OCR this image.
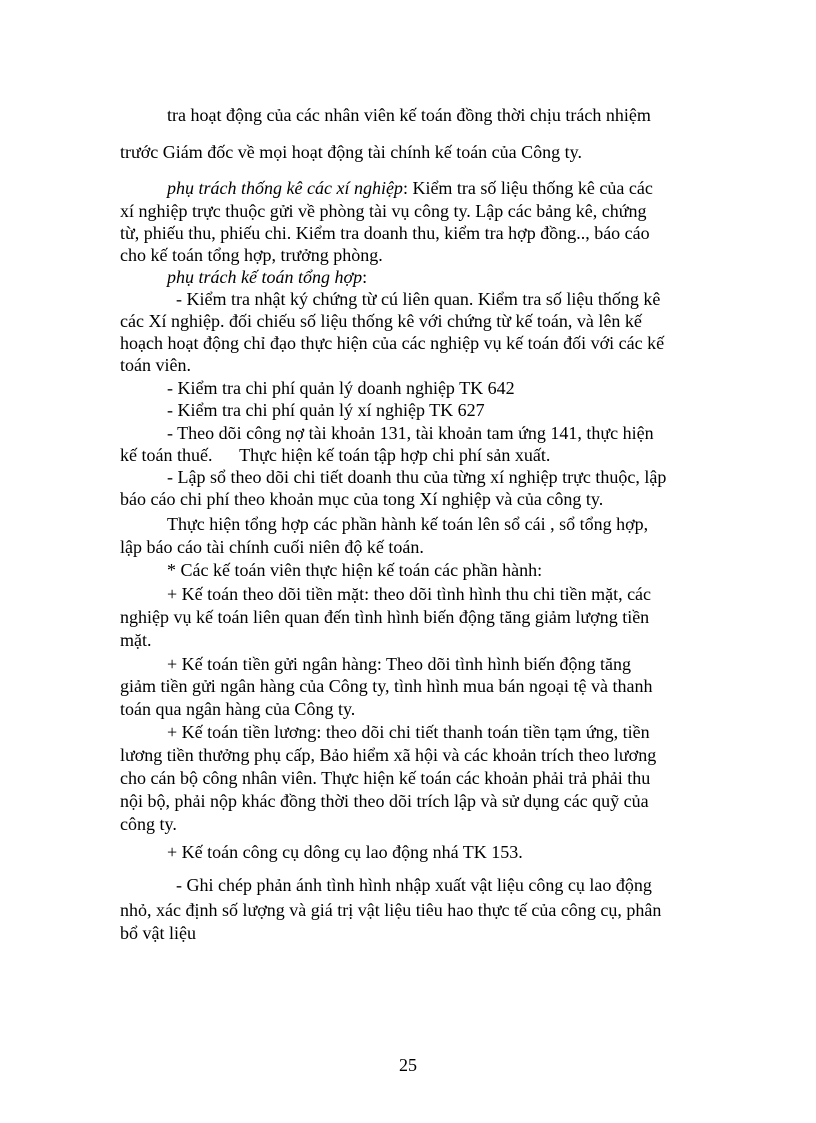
tra hoạt động của các nhân viên kế toán đồng thời chịu trách nhiệm
trước Giám đốc về mọi hoạt động tài chính kế toán của Công ty.
phụ trách thống kê các xí nghiệp: Kiểm tra số liệu thống kê của các
xí nghiệp trực thuộc gửi về phòng tài vụ công ty. Lập các bảng kê, chứng
từ, phiếu thu, phiếu chi. Kiểm tra doanh thu, kiểm tra hợp đồng.., báo cáo
cho kế toán tổng hợp, trưởng phòng.
phụ trách kế toán tổng hợp:
- Kiểm tra nhật ký chứng từ cú liên quan. Kiểm tra số liệu thống kê
các Xí nghiệp. đối chiếu số liệu thống kê với chứng từ kế toán, và lên kế
hoạch hoạt động chỉ đạo thực hiện của các nghiệp vụ kế toán đối với các kế
toán viên.
- Kiểm tra chi phí quản lý doanh nghiệp TK 642
- Kiểm tra chi phí quản lý xí nghiệp TK 627
- Theo dõi công nợ tài khoản 131, tài khoản tam ứng 141, thực hiện
kế toán thuế.      Thực hiện kế toán tập hợp chi phí sản xuất.
- Lập sổ theo dõi chi tiết doanh thu của từng xí nghiệp trực thuộc, lập
báo cáo chi phí theo khoản mục của tong Xí nghiệp và của công ty.
Thực hiện tổng hợp các phần hành kế toán lên sổ cái , sổ tổng hợp,
lập báo cáo tài chính cuối niên độ kế toán.
* Các kế toán viên thực hiện kế toán các phần hành:
+ Kế toán theo dõi tiền mặt: theo dõi tình hình thu chi tiền mặt, các
nghiệp vụ kế toán liên quan đến tình hình biến động tăng giảm lượng tiền
mặt.
+ Kế toán tiền gửi ngân hàng: Theo dõi tình hình biến động tăng
giảm tiền gửi ngân hàng của Công ty, tình hình mua bán ngoại tệ và thanh
toán qua ngân hàng của Công ty.
+ Kế toán tiền lương: theo dõi chi tiết thanh toán tiền tạm ứng, tiền
lương tiền thưởng phụ cấp, Bảo hiểm xã hội và các khoản trích theo lương
cho cán bộ công nhân viên. Thực hiện kế toán các khoản phải trả phải thu
nội bộ, phải nộp khác đồng thời theo dõi trích lập và sử dụng các quỹ của
công ty.
+ Kế toán công cụ dông cụ lao động nhá TK 153.
- Ghi chép phản ánh tình hình nhập xuất vật liệu công cụ lao động
nhỏ, xác định số lượng và giá trị vật liệu tiêu hao thực tế của công cụ, phân
bổ vật liệu
25
